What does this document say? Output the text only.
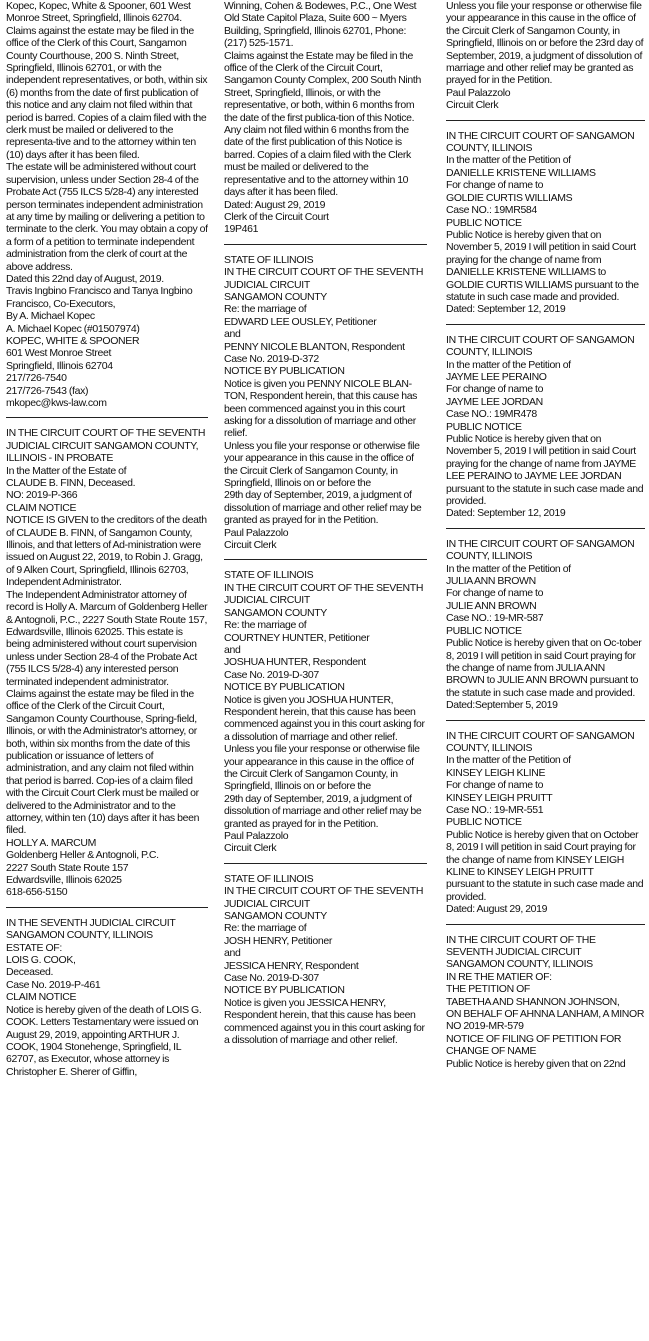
Kopec, Kopec, White & Spooner, 601 West Monroe Street, Springfield, Illinois 62704. Claims against the estate may be filed in the office of the Clerk of this Court, Sangamon County Courthouse, 200 S. Ninth Street, Springfield, Illinois 62701, or with the independent representatives, or both, within six (6) months from the date of first publication of this notice and any claim not filed within that period is barred. Copies of a claim filed with the clerk must be mailed or delivered to the representa-tive and to the attorney within ten (10) days after it has been filed.
The estate will be administered without court supervision, unless under Section 28-4 of the Probate Act (755 ILCS 5/28-4) any interested person terminates independent administration at any time by mailing or delivering a petition to terminate to the clerk. You may obtain a copy of a form of a petition to terminate independent administration from the clerk of court at the above address.
Dated this 22nd day of August, 2019.
Travis Ingbino Francisco and Tanya Ingbino Francisco, Co-Executors,
By A. Michael Kopec
A. Michael Kopec (#01507974)
KOPEC, WHITE & SPOONER
601 West Monroe Street
Springfield, Illinois 62704
217/726-7540
217/726-7543 (fax)
mkopec@kws-law.com
IN THE CIRCUIT COURT OF THE SEVENTH JUDICIAL CIRCUIT SANGAMON COUNTY, ILLINOIS - IN PROBATE
In the Matter of the Estate of
CLAUDE B. FINN, Deceased.
NO: 2019-P-366
CLAIM NOTICE
NOTICE IS GIVEN to the creditors of the death of CLAUDE B. FINN, of Sangamon County, Illinois, and that letters of Ad-ministration were issued on August 22, 2019, to Robin J. Gragg, of 9 Alken Court, Springfield, Illinois 62703, Independent Administrator.
The Independent Administrator attorney of record is Holly A. Marcum of Goldenberg Heller & Antognoli, P.C., 2227 South State Route 157, Edwardsville, Illinois 62025. This estate is being administered without court supervision unless under Section 28-4 of the Probate Act (755 ILCS 5/28-4) any interested person terminated independent administrator.
Claims against the estate may be filed in the office of the Clerk of the Circuit Court, Sangamon County Courthouse, Spring-field, Illinois, or with the Administrator's attorney, or both, within six months from the date of this publication or issuance of letters of administration, and any claim not filed within that period is barred. Cop-ies of a claim filed with the Circuit Court Clerk must be mailed or delivered to the Administrator and to the attorney, within ten (10) days after it has been filed.
HOLLY A. MARCUM
Goldenberg Heller & Antognoli, P.C.
2227 South State Route 157
Edwardsville, Illinois 62025
618-656-5150
IN THE SEVENTH JUDICIAL CIRCUIT
SANGAMON COUNTY, ILLINOIS
ESTATE OF:
LOIS G. COOK,
Deceased.
Case No. 2019-P-461
CLAIM NOTICE
Notice is hereby given of the death of LOIS G. COOK. Letters Testamentary were issued on August 29, 2019, appointing ARTHUR J. COOK, 1904 Stonehenge, Springfield, IL 62707, as Executor, whose attorney is Christopher E. Sherer of Giffin,
Winning, Cohen & Bodewes, P.C., One West Old State Capitol Plaza, Suite 600 ~ Myers Building, Springfield, Illinois 62701, Phone: (217) 525-1571.
Claims against the Estate may be filed in the office of the Clerk of the Circuit Court, Sangamon County Complex, 200 South Ninth Street, Springfield, Illinois, or with the representative, or both, within 6 months from the date of the first publica-tion of this Notice. Any claim not filed within 6 months from the date of the first publication of this Notice is barred. Copies of a claim filed with the Clerk must be mailed or delivered to the representative and to the attorney within 10 days after it has been filed.
Dated: August 29, 2019
Clerk of the Circuit Court
19P461
STATE OF ILLINOIS
IN THE CIRCUIT COURT OF THE SEVENTH JUDICIAL CIRCUIT
SANGAMON COUNTY
Re: the marriage of
EDWARD LEE OUSLEY, Petitioner
and
PENNY NICOLE BLANTON, Respondent
Case No. 2019-D-372
NOTICE BY PUBLICATION
Notice is given you PENNY NICOLE BLAN-TON, Respondent herein, that this cause has been commenced against you in this court asking for a dissolution of marriage and other relief.
Unless you file your response or otherwise file your appearance in this cause in the office of the Circuit Clerk of Sangamon County, in Springfield, Illinois on or before the
29th day of September, 2019, a judgment of dissolution of marriage and other relief may be granted as prayed for in the Petition.
Paul Palazzolo
Circuit Clerk
STATE OF ILLINOIS
IN THE CIRCUIT COURT OF THE SEVENTH JUDICIAL CIRCUIT
SANGAMON COUNTY
Re: the marriage of
COURTNEY HUNTER, Petitioner
and
JOSHUA HUNTER, Respondent
Case No. 2019-D-307
NOTICE BY PUBLICATION
Notice is given you JOSHUA HUNTER, Respondent herein, that this cause has been commenced against you in this court asking for a dissolution of marriage and other relief.
Unless you file your response or otherwise file your appearance in this cause in the office of the Circuit Clerk of Sangamon County, in Springfield, Illinois on or before the
29th day of September, 2019, a judgment of dissolution of marriage and other relief may be granted as prayed for in the Petition.
Paul Palazzolo
Circuit Clerk
STATE OF ILLINOIS
IN THE CIRCUIT COURT OF THE SEVENTH JUDICIAL CIRCUIT
SANGAMON COUNTY
Re: the marriage of
JOSH HENRY, Petitioner
and
JESSICA HENRY, Respondent
Case No. 2019-D-307
NOTICE BY PUBLICATION
Notice is given you JESSICA HENRY, Respondent herein, that this cause has been commenced against you in this court asking for a dissolution of marriage and other relief.
Unless you file your response or otherwise file your appearance in this cause in the office of the Circuit Clerk of Sangamon County, in Springfield, Illinois on or before the 23rd day of September, 2019, a judgment of dissolution of marriage and other relief may be granted as prayed for in the Petition.
Paul Palazzolo
Circuit Clerk
IN THE CIRCUIT COURT OF SANGAMON COUNTY, ILLINOIS
In the matter of the Petition of
DANIELLE KRISTENE WILLIAMS
For change of name to
GOLDIE CURTIS WILLIAMS
Case NO.: 19MR584
PUBLIC NOTICE
Public Notice is hereby given that on November 5, 2019 I will petition in said Court praying for the change of name from DANIELLE KRISTENE WILLIAMS to GOLDIE CURTIS WILLIAMS pursuant to the statute in such case made and provided.
Dated: September 12, 2019
IN THE CIRCUIT COURT OF SANGAMON COUNTY, ILLINOIS
In the matter of the Petition of
JAYME LEE PERAINO
For change of name to
JAYME LEE JORDAN
Case NO.: 19MR478
PUBLIC NOTICE
Public Notice is hereby given that on November 5, 2019 I will petition in said Court praying for the change of name from JAYME LEE PERAINO to JAYME LEE JORDAN pursuant to the statute in such case made and provided.
Dated: September 12, 2019
IN THE CIRCUIT COURT OF SANGAMON COUNTY, ILLINOIS
In the matter of the Petition of
JULIA ANN BROWN
For change of name to
JULIE ANN BROWN
Case NO.: 19-MR-587
PUBLIC NOTICE
Public Notice is hereby given that on Oc-tober 8, 2019 I will petition in said Court praying for the change of name from JULIA ANN BROWN to JULIE ANN BROWN pursuant to the statute in such case made and provided.
Dated:September 5, 2019
IN THE CIRCUIT COURT OF SANGAMON COUNTY, ILLINOIS
In the matter of the Petition of
KINSEY LEIGH KLINE
For change of name to
KINSEY LEIGH PRUITT
Case NO.: 19-MR-551
PUBLIC NOTICE
Public Notice is hereby given that on October 8, 2019 I will petition in said Court praying for the change of name from KINSEY LEIGH KLINE to KINSEY LEIGH PRUITT
pursuant to the statute in such case made and provided.
Dated: August 29, 2019
IN THE CIRCUIT COURT OF THE SEVENTH JUDICIAL CIRCUIT
SANGAMON COUNTY, ILLINOIS
IN RE THE MATIER OF:
THE PETITION OF
TABETHA AND SHANNON JOHNSON,
ON BEHALF OF AHNNA LANHAM, A MINOR
NO 2019-MR-579
NOTICE OF FILING OF PETITION FOR CHANGE OF NAME
Public Notice is hereby given that on 22nd
